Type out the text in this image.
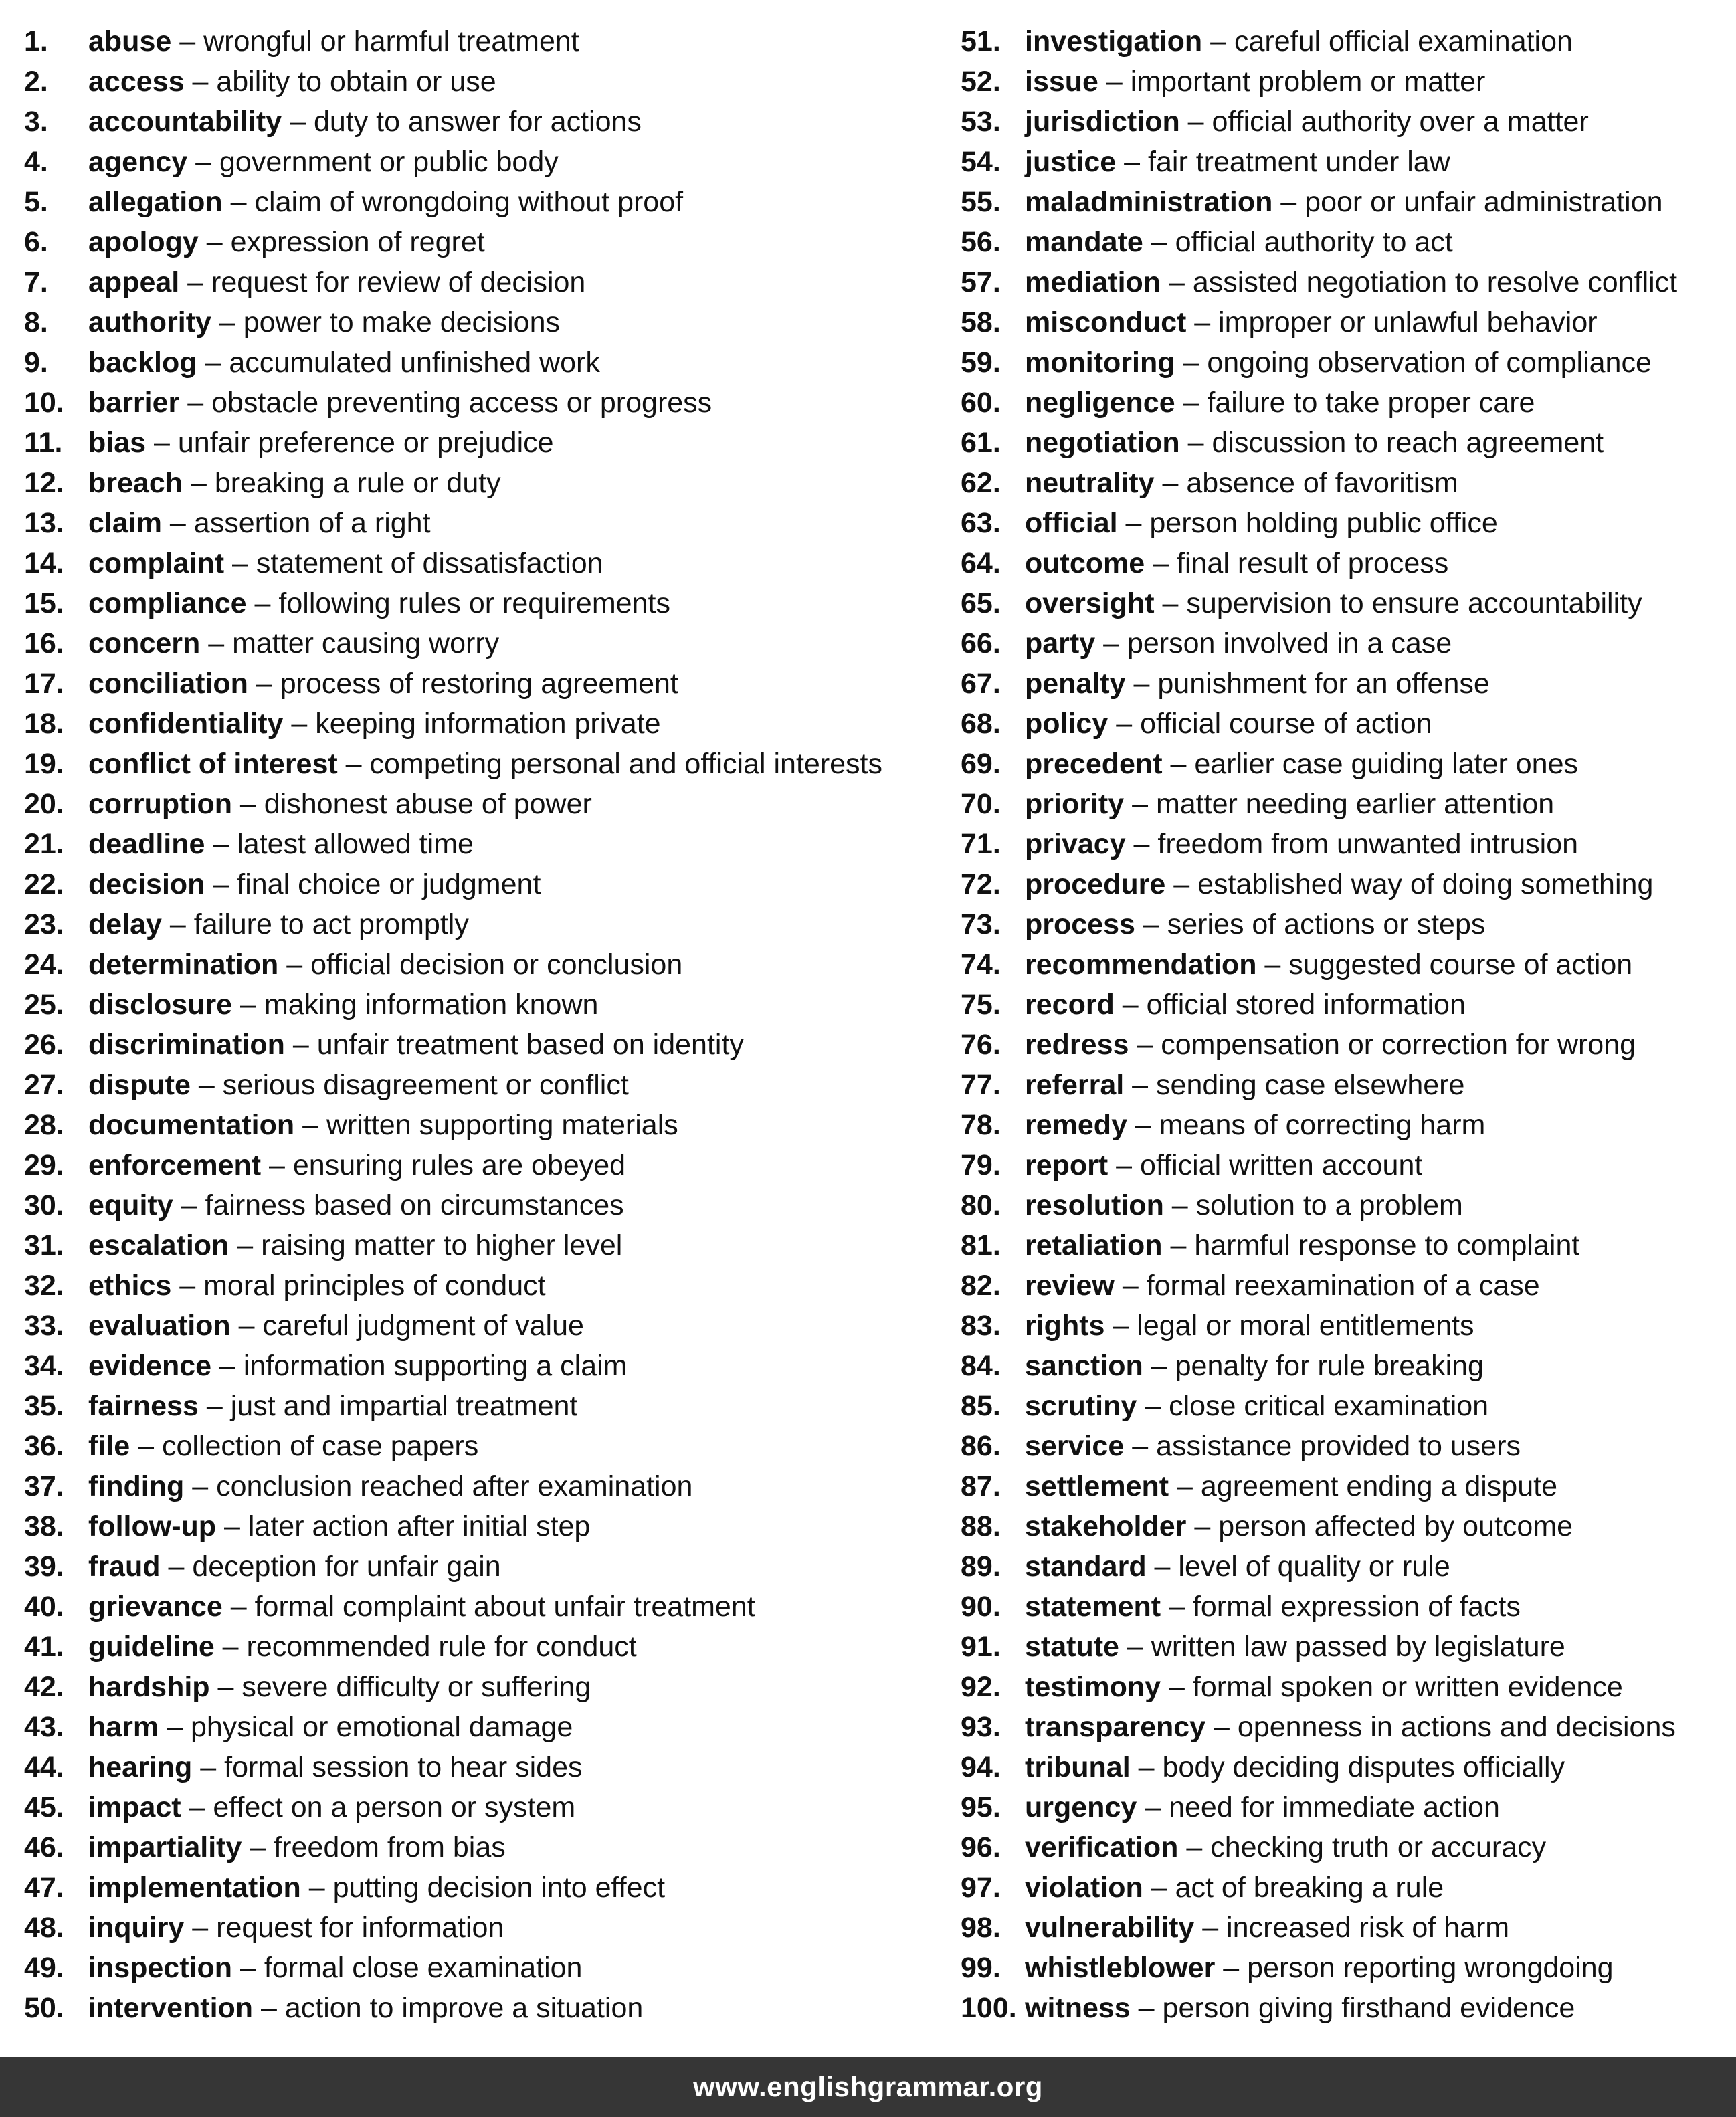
1.	abuse – wrongful or harmful treatment
2.	access – ability to obtain or use
3.	accountability – duty to answer for actions
4.	agency – government or public body
5.	allegation – claim of wrongdoing without proof
6.	apology – expression of regret
7.	appeal – request for review of decision
8.	authority – power to make decisions
9.	backlog – accumulated unfinished work
10. barrier – obstacle preventing access or progress
11. bias – unfair preference or prejudice
12. breach – breaking a rule or duty
13. claim – assertion of a right
14. complaint – statement of dissatisfaction
15. compliance – following rules or requirements
16. concern – matter causing worry
17. conciliation – process of restoring agreement
18. confidentiality – keeping information private
19. conflict of interest – competing personal and official interests
20. corruption – dishonest abuse of power
21. deadline – latest allowed time
22. decision – final choice or judgment
23. delay – failure to act promptly
24. determination – official decision or conclusion
25. disclosure – making information known
26. discrimination – unfair treatment based on identity
27. dispute – serious disagreement or conflict
28. documentation – written supporting materials
29. enforcement – ensuring rules are obeyed
30. equity – fairness based on circumstances
31. escalation – raising matter to higher level
32. ethics – moral principles of conduct
33. evaluation – careful judgment of value
34. evidence – information supporting a claim
35. fairness – just and impartial treatment
36. file – collection of case papers
37. finding – conclusion reached after examination
38. follow-up – later action after initial step
39. fraud – deception for unfair gain
40. grievance – formal complaint about unfair treatment
41. guideline – recommended rule for conduct
42. hardship – severe difficulty or suffering
43. harm – physical or emotional damage
44. hearing – formal session to hear sides
45. impact – effect on a person or system
46. impartiality – freedom from bias
47. implementation – putting decision into effect
48. inquiry – request for information
49. inspection – formal close examination
50. intervention – action to improve a situation
51. investigation – careful official examination
52. issue – important problem or matter
53. jurisdiction – official authority over a matter
54. justice – fair treatment under law
55. maladministration – poor or unfair administration
56. mandate – official authority to act
57. mediation – assisted negotiation to resolve conflict
58. misconduct – improper or unlawful behavior
59. monitoring – ongoing observation of compliance
60. negligence – failure to take proper care
61. negotiation – discussion to reach agreement
62. neutrality – absence of favoritism
63. official – person holding public office
64. outcome – final result of process
65. oversight – supervision to ensure accountability
66. party – person involved in a case
67. penalty – punishment for an offense
68. policy – official course of action
69. precedent – earlier case guiding later ones
70. priority – matter needing earlier attention
71. privacy – freedom from unwanted intrusion
72. procedure – established way of doing something
73. process – series of actions or steps
74. recommendation – suggested course of action
75. record – official stored information
76. redress – compensation or correction for wrong
77. referral – sending case elsewhere
78. remedy – means of correcting harm
79. report – official written account
80. resolution – solution to a problem
81. retaliation – harmful response to complaint
82. review – formal reexamination of a case
83. rights – legal or moral entitlements
84. sanction – penalty for rule breaking
85. scrutiny – close critical examination
86. service – assistance provided to users
87. settlement – agreement ending a dispute
88. stakeholder – person affected by outcome
89. standard – level of quality or rule
90. statement – formal expression of facts
91. statute – written law passed by legislature
92. testimony – formal spoken or written evidence
93. transparency – openness in actions and decisions
94. tribunal – body deciding disputes officially
95. urgency – need for immediate action
96. verification – checking truth or accuracy
97. violation – act of breaking a rule
98. vulnerability – increased risk of harm
99. whistleblower – person reporting wrongdoing
100. witness – person giving firsthand evidence
www.englishgrammar.org
